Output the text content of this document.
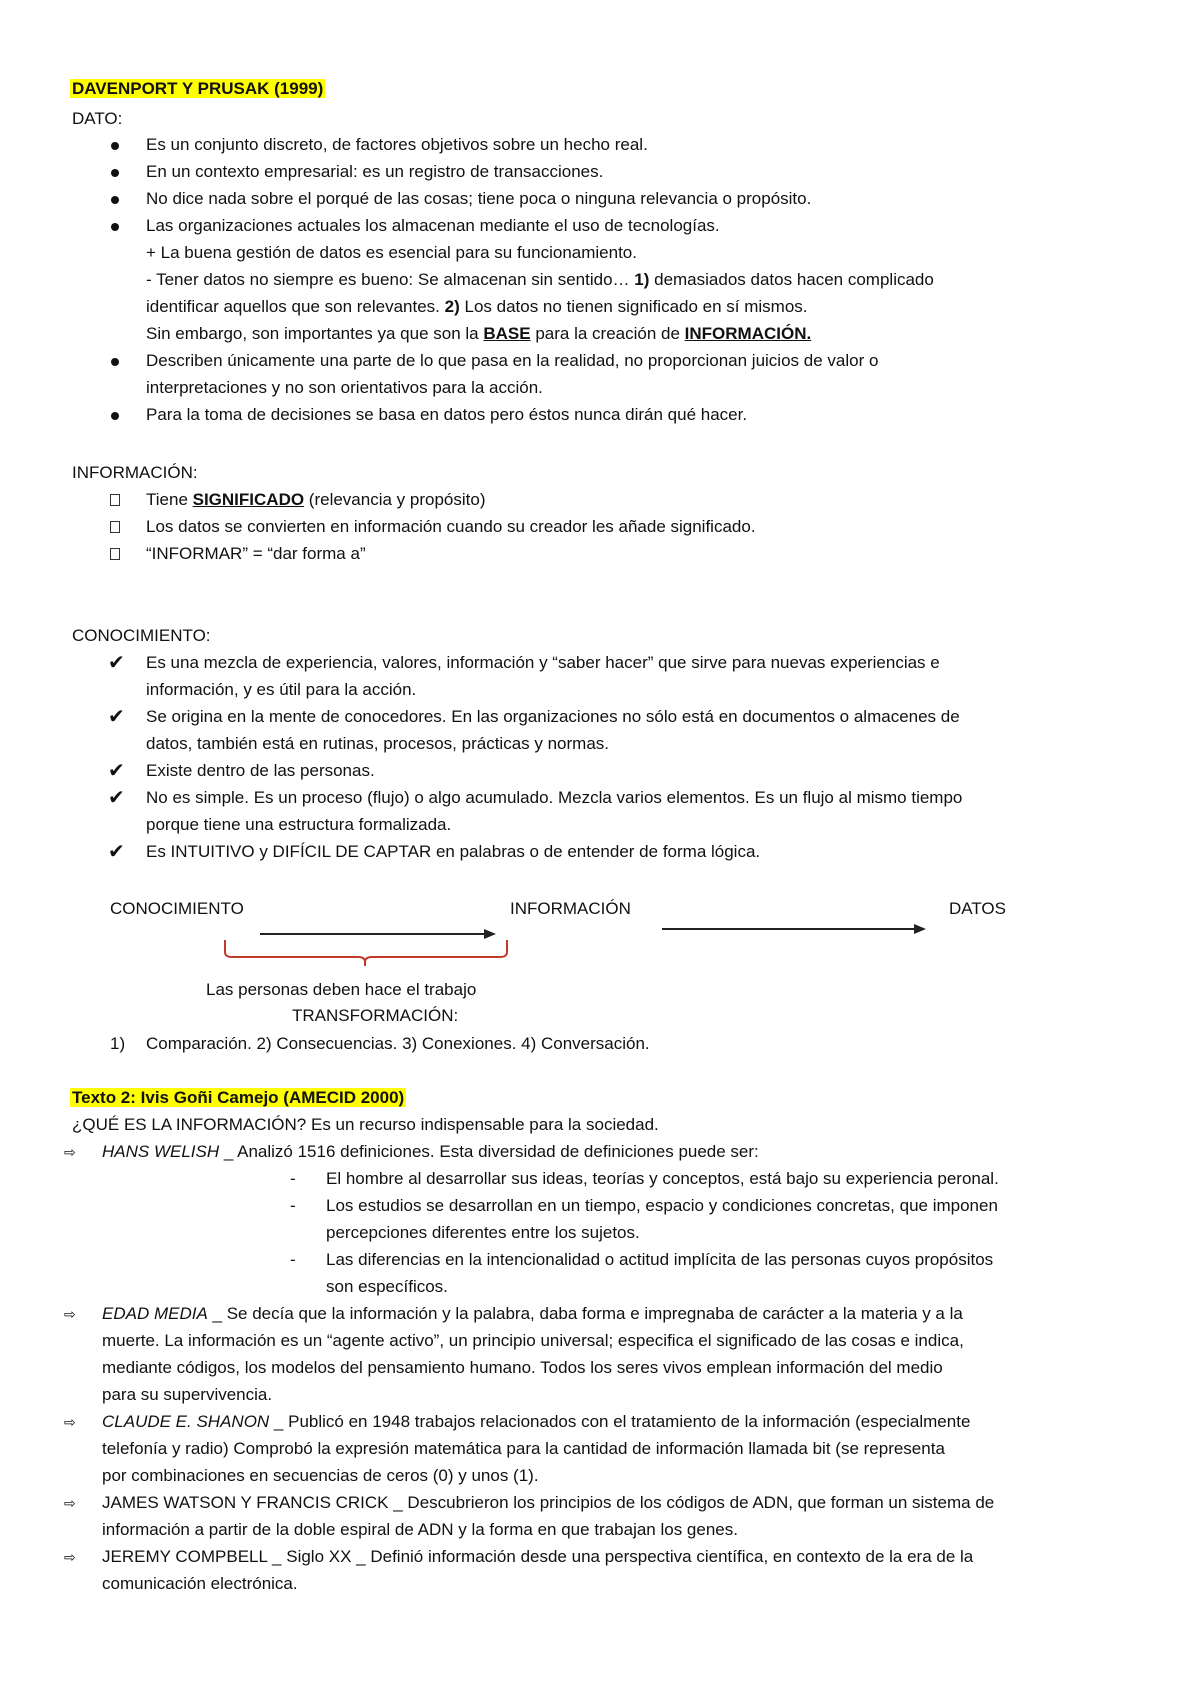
DAVENPORT Y PRUSAK (1999)
DATO:
Es un conjunto discreto, de factores objetivos sobre un hecho real.
En un contexto empresarial: es un registro de transacciones.
No dice nada sobre el porqué de las cosas; tiene poca o ninguna relevancia o propósito.
Las organizaciones actuales los almacenan mediante el uso de tecnologías.
+ La buena gestión de datos es esencial para su funcionamiento.
- Tener datos no siempre es bueno: Se almacenan sin sentido… 1) demasiados datos hacen complicado
identificar aquellos que son relevantes. 2) Los datos no tienen significado en sí mismos.
Sin embargo, son importantes ya que son la BASE para la creación de INFORMACIÓN.
Describen únicamente una parte de lo que pasa en la realidad, no proporcionan juicios de valor o
interpretaciones y no son orientativos para la acción.
Para la toma de decisiones se basa en datos pero éstos nunca dirán qué hacer.
INFORMACIÓN:
Tiene SIGNIFICADO (relevancia y propósito)
Los datos se convierten en información cuando su creador les añade significado.
“INFORMAR” = “dar forma a”
CONOCIMIENTO:
✔ Es una mezcla de experiencia, valores, información y “saber hacer” que sirve para nuevas experiencias e
información, y es útil para la acción.
✔ Se origina en la mente de conocedores. En las organizaciones no sólo está en documentos o almacenes de
datos, también está en rutinas, procesos, prácticas y normas.
✔ Existe dentro de las personas.
✔ No es simple. Es un proceso (flujo) o algo acumulado. Mezcla varios elementos. Es un flujo al mismo tiempo
porque tiene una estructura formalizada.
✔ Es INTUITIVO y DIFÍCIL DE CAPTAR en palabras o de entender de forma lógica.
CONOCIMIENTO	INFORMACIÓN	DATOS
Las personas deben hace el trabajo
TRANSFORMACIÓN:
1) Comparación. 2) Consecuencias. 3) Conexiones. 4) Conversación.
Texto 2: Ivis Goñi Camejo (AMECID 2000)
¿QUÉ ES LA INFORMACIÓN? Es un recurso indispensable para la sociedad.
⇨ HANS WELISH _ Analizó 1516 definiciones. Esta diversidad de definiciones puede ser:
- El hombre al desarrollar sus ideas, teorías y conceptos, está bajo su experiencia peronal.
- Los estudios se desarrollan en un tiempo, espacio y condiciones concretas, que imponen
percepciones diferentes entre los sujetos.
- Las diferencias en la intencionalidad o actitud implícita de las personas cuyos propósitos
son específicos.
⇨ EDAD MEDIA _ Se decía que la información y la palabra, daba forma e impregnaba de carácter a la materia y a la
muerte. La información es un “agente activo”, un principio universal; especifica el significado de las cosas e indica,
mediante códigos, los modelos del pensamiento humano. Todos los seres vivos emplean información del medio
para su supervivencia.
⇨ CLAUDE E. SHANON _ Publicó en 1948 trabajos relacionados con el tratamiento de la información (especialmente
telefonía y radio) Comprobó la expresión matemática para la cantidad de información llamada bit (se representa
por combinaciones en secuencias de ceros (0) y unos (1).
⇨ JAMES WATSON Y FRANCIS CRICK _ Descubrieron los principios de los códigos de ADN, que forman un sistema de
información a partir de la doble espiral de ADN y la forma en que trabajan los genes.
⇨ JEREMY COMPBELL _ Siglo XX _ Definió información desde una perspectiva científica, en contexto de la era de la
comunicación electrónica.
